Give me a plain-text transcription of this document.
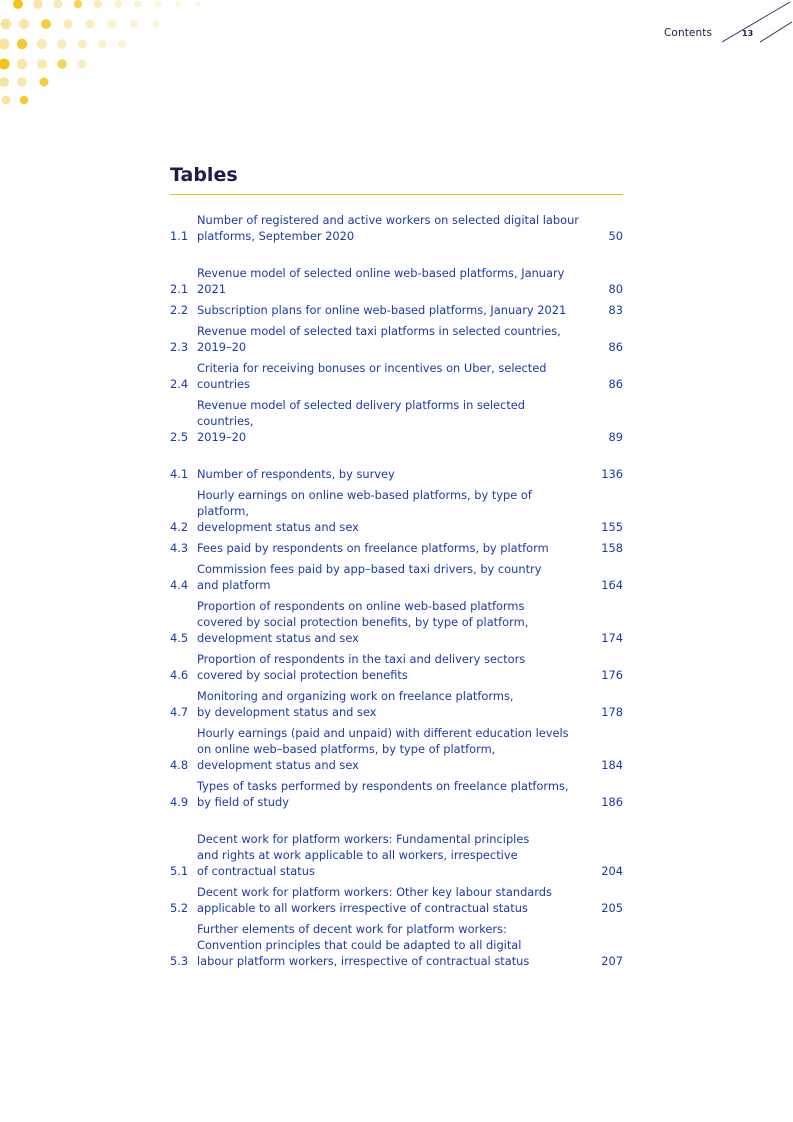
Contents	13
Tables
1.1
Number of registered and active workers on selected digital labour
platforms, September 2020	50
2.1
Revenue model of selected online web-based platforms, January 2021	80
2.2 Subscription plans for online web-based platforms, January 2021	83
2.3
Revenue model of selected taxi platforms in selected countries, 2019–20	86
2.4
Criteria for receiving bonuses or incentives on Uber, selected countries	86
2.5
Revenue model of selected delivery platforms in selected countries,
2019–20	89
4.1 Number of respondents, by survey	136
4.2
Hourly earnings on online web-based platforms, by type of platform,
development status and sex	155
4.3 Fees paid by respondents on freelance platforms, by platform	158
4.4
Commission fees paid by app–based taxi drivers, by country
and platform	164
4.5
Proportion of respondents on online web-based platforms
covered by social protection benefits, by type of platform,
development status and sex	174
4.6
Proportion of respondents in the taxi and delivery sectors
covered by social protection benefits	176
4.7
Monitoring and organizing work on freelance platforms,
by development status and sex	178
4.8
Hourly earnings (paid and unpaid) with different education levels
on online web–based platforms, by type of platform,
development status and sex	184
4.9
Types of tasks performed by respondents on freelance platforms,
by field of study	186
5.1
Decent work for platform workers: Fundamental principles
and rights at work applicable to all workers, irrespective
of contractual status	204
5.2
Decent work for platform workers: Other key labour standards
applicable to all workers irrespective of contractual status	205
5.3
Further elements of decent work for platform workers:
Convention principles that could be adapted to all digital
labour platform workers, irrespective of contractual status	207
